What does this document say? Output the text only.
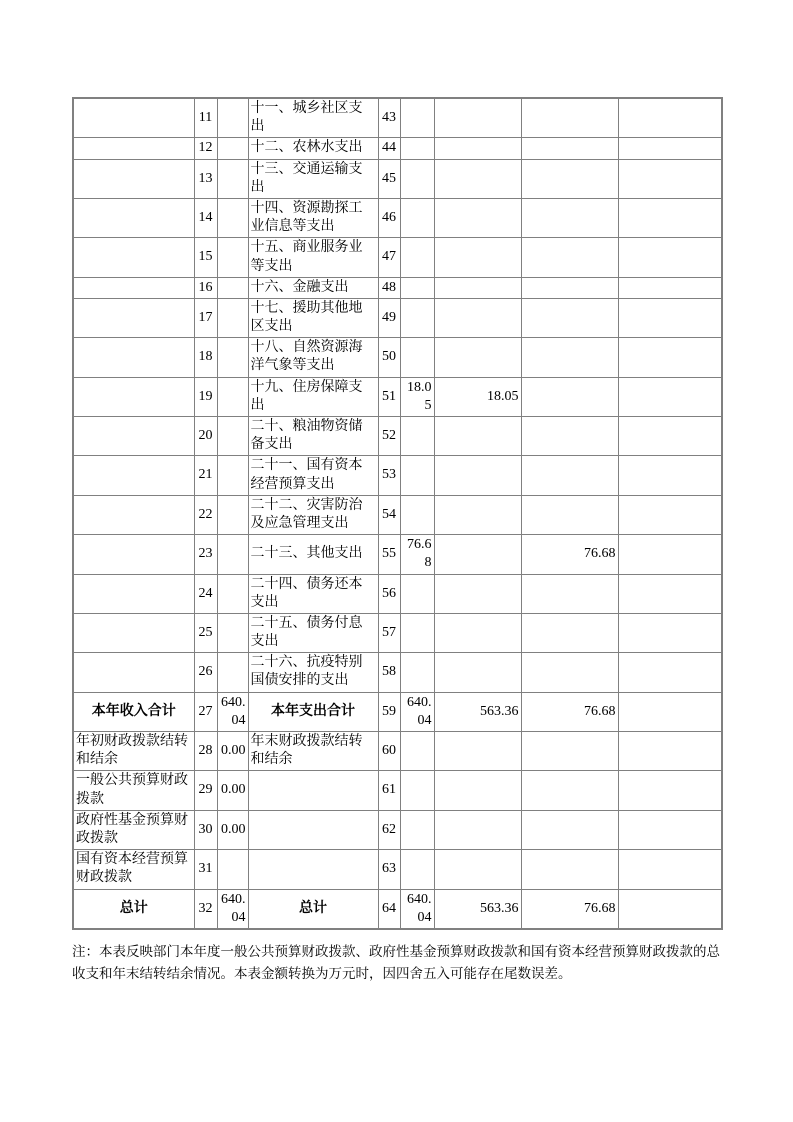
	11		十一、城乡社区支出	43				
	12		十二、农林水支出	44				
	13		十三、交通运输支出	45				
	14		十四、资源勘探工业信息等支出	46				
	15		十五、商业服务业等支出	47				
	16		十六、金融支出	48				
	17		十七、援助其他地区支出	49				
	18		十八、自然资源海洋气象等支出	50				
	19		十九、住房保障支出	51	18.05	18.05		
	20		二十、粮油物资储备支出	52				
	21		二十一、国有资本经营预算支出	53				
	22		二十二、灾害防治及应急管理支出	54				
	23		二十三、其他支出	55	76.68		76.68	
	24		二十四、债务还本支出	56				
	25		二十五、债务付息支出	57				
	26		二十六、抗疫特别国债安排的支出	58				
本年收入合计	27	640.04	本年支出合计	59	640.04	563.36	76.68	
年初财政拨款结转和结余	28	0.00	年末财政拨款结转和结余	60				
一般公共预算财政拨款	29	0.00		61				
政府性基金预算财政拨款	30	0.00		62				
国有资本经营预算财政拨款	31			63				
总计	32	640.04	总计	64	640.04	563.36	76.68	
注：本表反映部门本年度一般公共预算财政拨款、政府性基金预算财政拨款和国有资本经营预算财政拨款的总收支和年末结转结余情况。本表金额转换为万元时，因四舍五入可能存在尾数误差。
